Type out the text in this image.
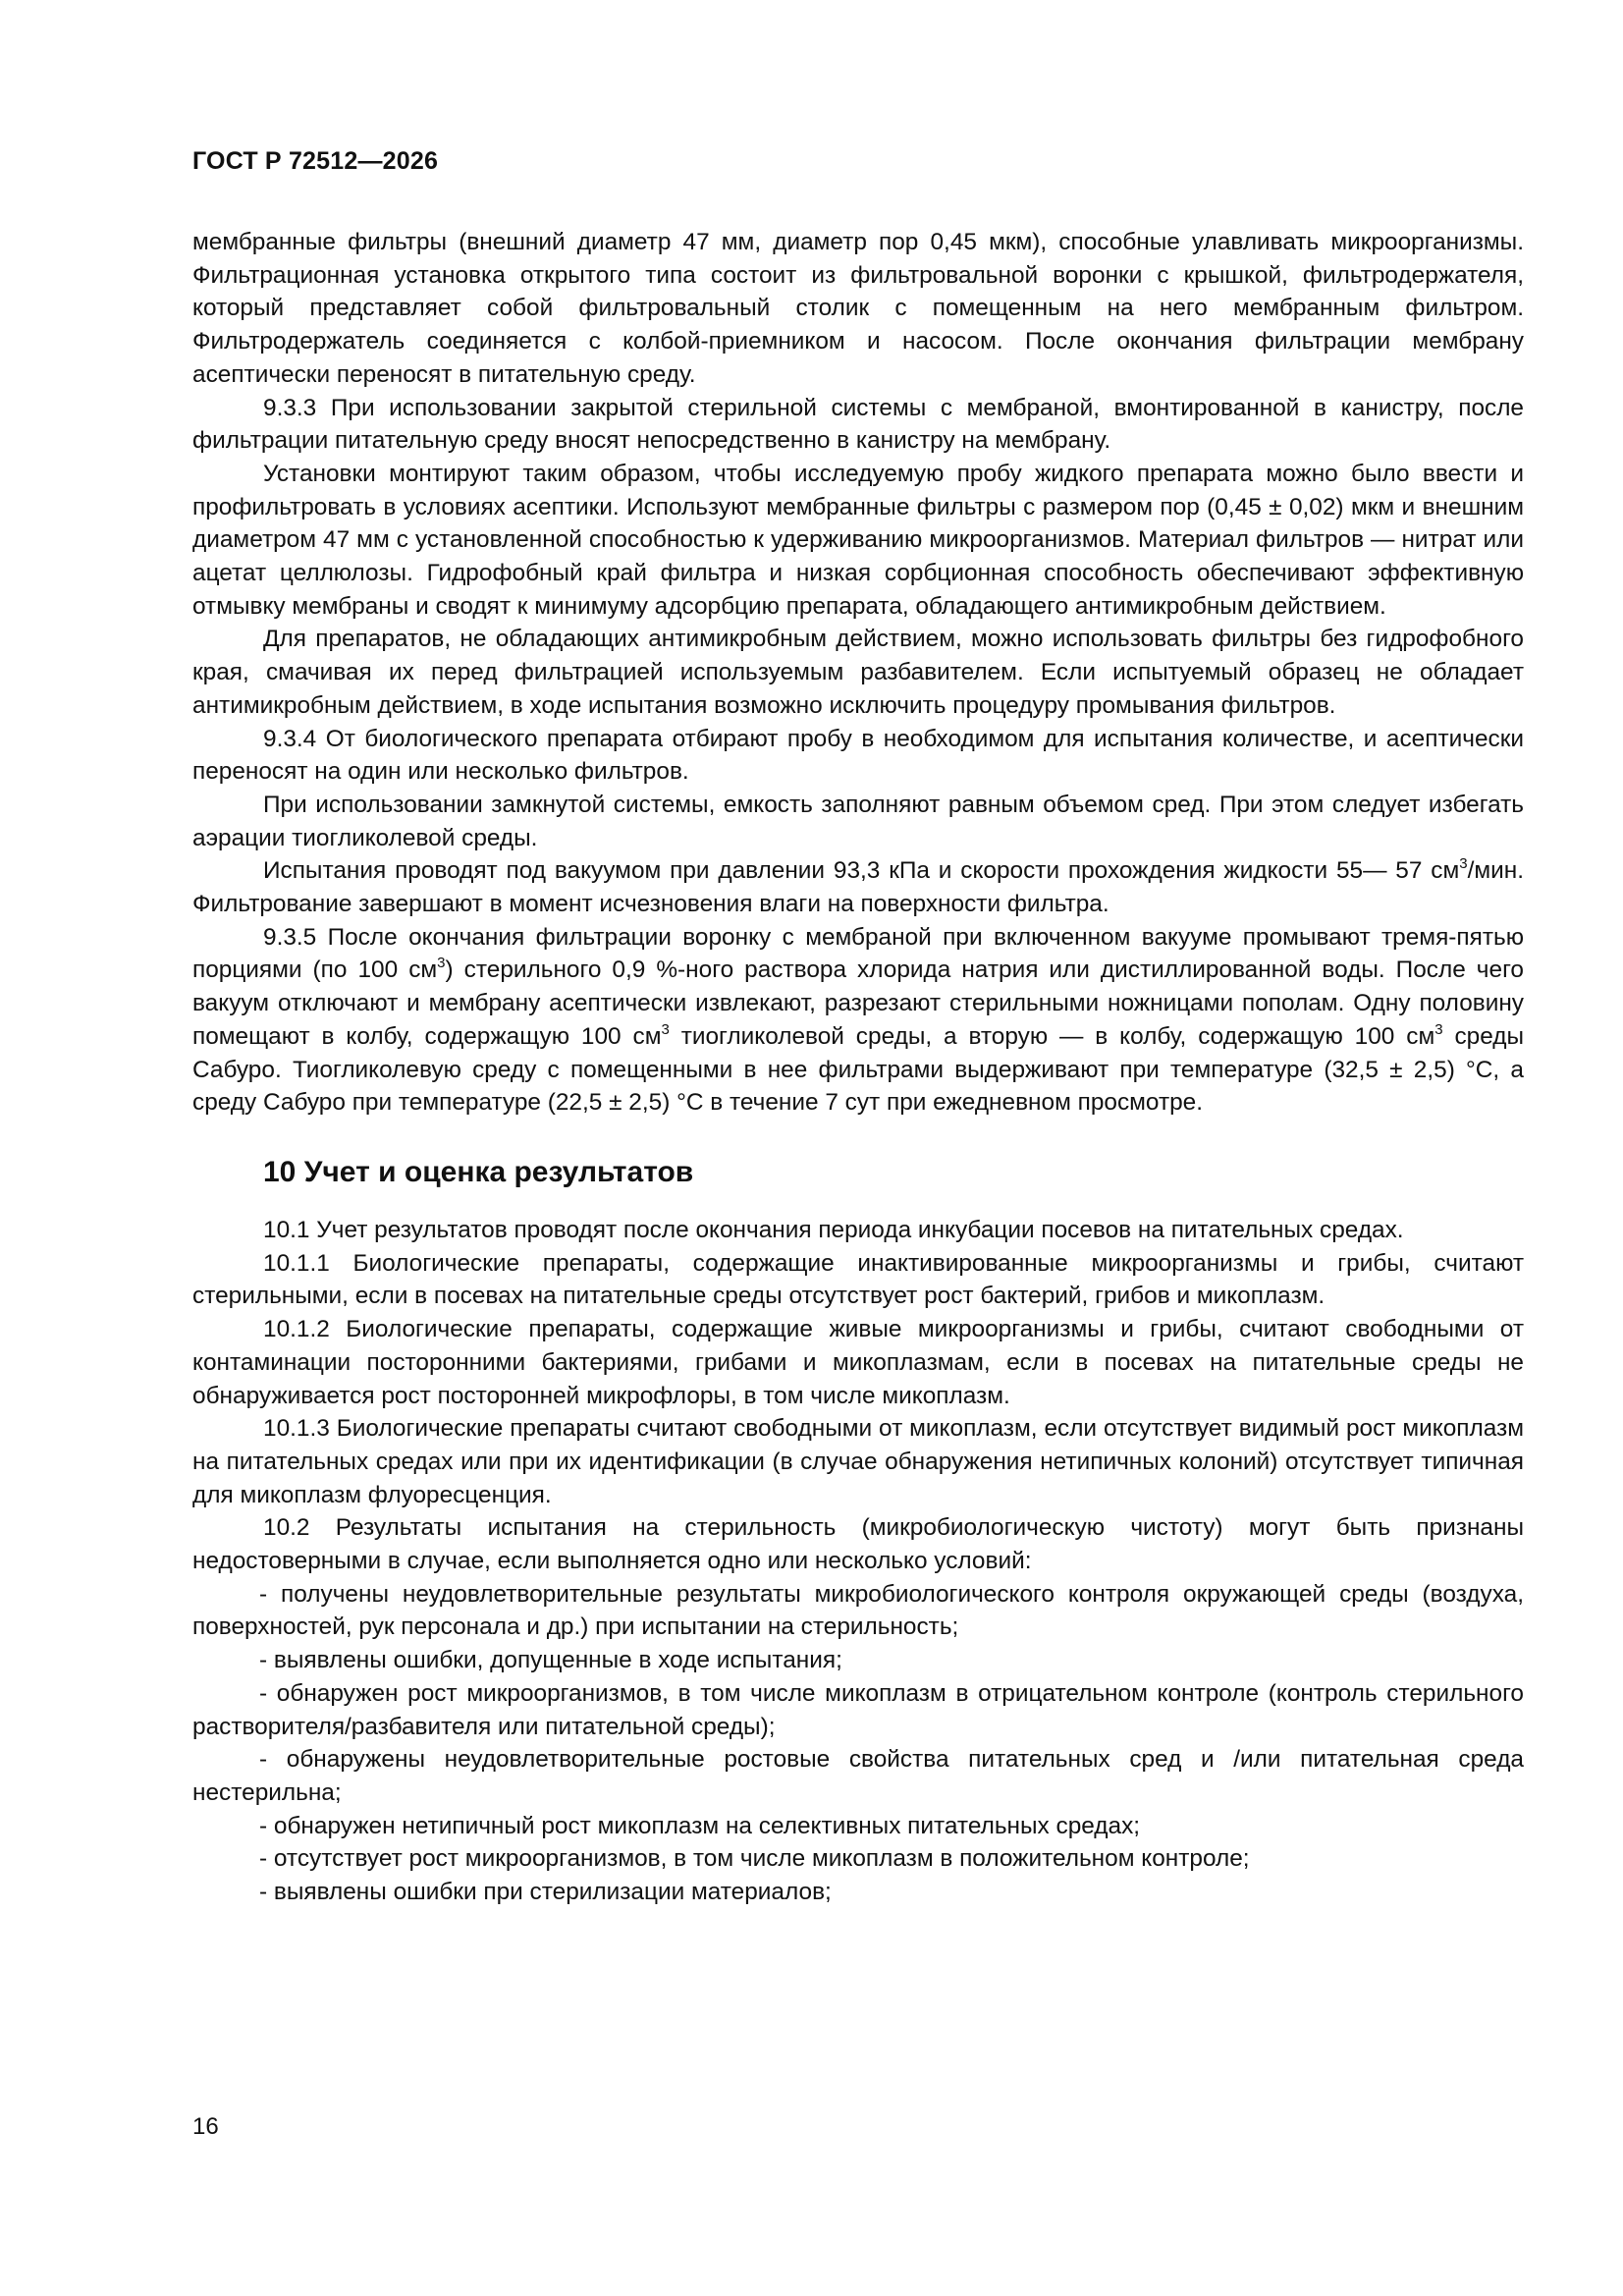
ГОСТ Р 72512—2026

мембранные фильтры (внешний диаметр 47 мм, диаметр пор 0,45 мкм), способные улавливать микроорганизмы. Фильтрационная установка открытого типа состоит из фильтровальной воронки с крышкой, фильтродержателя, который представляет собой фильтровальный столик с помещенным на него мембранным фильтром. Фильтродержатель соединяется с колбой-приемником и насосом. После окончания фильтрации мембрану асептически переносят в питательную среду.

9.3.3 При использовании закрытой стерильной системы с мембраной, вмонтированной в канистру, после фильтрации питательную среду вносят непосредственно в канистру на мембрану.

Установки монтируют таким образом, чтобы исследуемую пробу жидкого препарата можно было ввести и профильтровать в условиях асептики. Используют мембранные фильтры с размером пор (0,45 ± 0,02) мкм и внешним диаметром 47 мм с установленной способностью к удерживанию микроорганизмов. Материал фильтров — нитрат или ацетат целлюлозы. Гидрофобный край фильтра и низкая сорбционная способность обеспечивают эффективную отмывку мембраны и сводят к минимуму адсорбцию препарата, обладающего антимикробным действием.

Для препаратов, не обладающих антимикробным действием, можно использовать фильтры без гидрофобного края, смачивая их перед фильтрацией используемым разбавителем. Если испытуемый образец не обладает антимикробным действием, в ходе испытания возможно исключить процедуру промывания фильтров.

9.3.4 От биологического препарата отбирают пробу в необходимом для испытания количестве, и асептически переносят на один или несколько фильтров.

При использовании замкнутой системы, емкость заполняют равным объемом сред. При этом следует избегать аэрации тиогликолевой среды.

Испытания проводят под вакуумом при давлении 93,3 кПа и скорости прохождения жидкости 55— 57 $см^3$/мин. Фильтрование завершают в момент исчезновения влаги на поверхности фильтра.

9.3.5 После окончания фильтрации воронку с мембраной при включенном вакууме промывают тремя-пятью порциями (по 100 $см^3$) стерильного 0,9 %-ного раствора хлорида натрия или дистиллированной воды. После чего вакуум отключают и мембрану асептически извлекают, разрезают стерильными ножницами пополам. Одну половину помещают в колбу, содержащую 100 $см^3$ тиогликолевой среды, а вторую — в колбу, содержащую 100 $см^3$ среды Сабуро. Тиогликолевую среду с помещенными в нее фильтрами выдерживают при температуре (32,5 ± 2,5) °С, а среду Сабуро при температуре (22,5 ± 2,5) °С в течение 7 сут при ежедневном просмотре.

10 Учет и оценка результатов

10.1 Учет результатов проводят после окончания периода инкубации посевов на питательных средах.

10.1.1 Биологические препараты, содержащие инактивированные микроорганизмы и грибы, считают стерильными, если в посевах на питательные среды отсутствует рост бактерий, грибов и микоплазм.

10.1.2 Биологические препараты, содержащие живые микроорганизмы и грибы, считают свободными от контаминации посторонними бактериями, грибами и микоплазмам, если в посевах на питательные среды не обнаруживается рост посторонней микрофлоры, в том числе микоплазм.

10.1.3 Биологические препараты считают свободными от микоплазм, если отсутствует видимый рост микоплазм на питательных средах или при их идентификации (в случае обнаружения нетипичных колоний) отсутствует типичная для микоплазм флуоресценция.

10.2 Результаты испытания на стерильность (микробиологическую чистоту) могут быть признаны недостоверными в случае, если выполняется одно или несколько условий:

- получены неудовлетворительные результаты микробиологического контроля окружающей среды (воздуха, поверхностей, рук персонала и др.) при испытании на стерильность;

- выявлены ошибки, допущенные в ходе испытания;

- обнаружен рост микроорганизмов, в том числе микоплазм в отрицательном контроле (контроль стерильного растворителя/разбавителя или питательной среды);

- обнаружены неудовлетворительные ростовые свойства питательных сред и /или питательная среда нестерильна;

- обнаружен нетипичный рост микоплазм на селективных питательных средах;

- отсутствует рост микроорганизмов, в том числе микоплазм в положительном контроле;

- выявлены ошибки при стерилизации материалов;

16
